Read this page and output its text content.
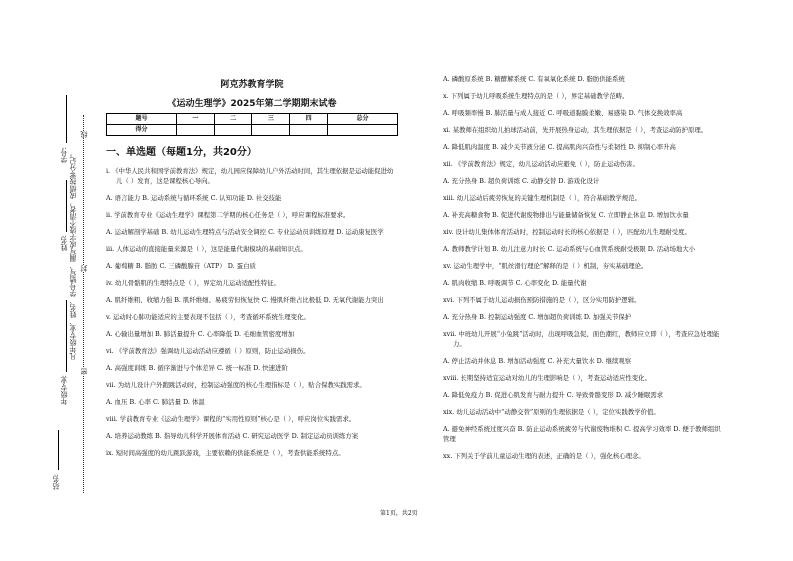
站名:
年级专业:
姓名:
学号: 凡年级专业、姓名、学号错写、漏写或字迹不清者，成绩按零分记。
密
封
线
阿克苏教育学院
《运动生理学》2025年第二学期期末试卷
题号	一	二	三	四	总分
得分					
一、单选题（每题1分，共20分）
i. 《中华人民共和国学前教育法》规定，幼儿园应保障幼儿户外活动时间，其生理依据是运动能促进幼儿（ ）发育，这是课程核心导向。
A. 语言能力 B. 运动系统与循环系统 C. 认知功能 D. 社交技能
ii. 学前教育专业《运动生理学》课程第二学期的核心任务是（ ），呼应课程标准要求。
A. 运动解剖学基础 B. 幼儿运动生理特点与活动安全调控 C. 专业运动员训练原理 D. 运动康复医学
iii. 人体运动的直接能量来源是（ ），这是能量代谢模块的基础知识点。
A. 葡萄糖 B. 脂肪 C. 三磷酸腺苷（ATP） D. 蛋白质
iv. 幼儿骨骼肌的生理特点是（ ），界定幼儿运动适配性特征。
A. 肌纤维粗、收缩力强 B. 肌纤维细、易疲劳但恢复快 C. 慢肌纤维占比极低 D. 无氧代谢能力突出
v. 运动时心肺功能适应的主要表现不包括（ ），考查循环系统生理变化。
A. 心输出量增加 B. 肺活量提升 C. 心率降低 D. 毛细血管密度增加
vi. 《学前教育法》强调幼儿运动活动应遵循（ ）原则，防止运动损伤。
A. 高强度训练 B. 循序渐进与个体差异 C. 统一标准 D. 快速进阶
vii. 为幼儿设计户外跑跳活动时，控制运动强度的核心生理指标是（ ），贴合保教实践需求。
A. 血压 B. 心率 C. 肺活量 D. 体温
viii. 学前教育专业《运动生理学》课程的“实用性原则”核心是（ ），呼应岗位实践需求。
A. 培养运动教练 B. 指导幼儿科学开展体育活动 C. 研究运动医学 D. 制定运动员训练方案
ix. 短时间高强度的幼儿跳跃游戏，主要依赖的供能系统是（ ），考查供能系统特点。
A. 磷酸原系统 B. 糖酵解系统 C. 有氧氧化系统 D. 脂肪供能系统
x. 下列属于幼儿呼吸系统生理特点的是（ ），界定基础教学范畴。
A. 呼吸频率慢 B. 肺活量与成人接近 C. 呼吸道黏膜柔嫩、易感染 D. 气体交换效率高
xi. 某教师在组织幼儿拍球活动前，先开展热身运动，其生理依据是（ ），考查运动防护原理。
A. 降低肌肉温度 B. 减少关节液分泌 C. 提高肌肉兴奋性与柔韧性 D. 抑制心率升高
xii. 《学前教育法》规定，幼儿运动活动应避免（ ），防止运动伤害。
A. 充分热身 B. 超负荷训练 C. 动静交替 D. 游戏化设计
xiii. 幼儿运动后疲劳恢复的关键生理机制是（ ），符合基础教学规范。
A. 补充高糖食物 B. 促进代谢废物排出与能量储备恢复 C. 立即静止休息 D. 增加饮水量
xiv. 设计幼儿集体体育活动时，控制运动时长的核心依据是（ ），匹配幼儿生理耐受度。
A. 教师教学计划 B. 幼儿注意力时长 C. 运动系统与心血管系统耐受极限 D. 活动场地大小
xv. 运动生理学中，“肌丝滑行理论”解释的是（ ）机制，夯实基础理论。
A. 肌肉收缩 B. 呼吸调节 C. 心率变化 D. 能量代谢
xvi. 下列不属于幼儿运动损伤预防措施的是（ ），区分实用防护逻辑。
A. 充分热身 B. 控制运动强度 C. 增加超负荷训练 D. 加强关节保护
xvii. 中班幼儿开展“小兔跳”活动时，出现呼吸急促、面色潮红，教师应立即（ ），考查应急处理能力。
A. 停止活动并休息 B. 增加活动强度 C. 补充大量饮水 D. 继续观察
xviii. 长期坚持适宜运动对幼儿的生理影响是（ ），考查运动适应性变化。
A. 降低免疫力 B. 促进心肌发育与耐力提升 C. 导致骨骼变形 D. 减少睡眠需求
xix. 幼儿运动活动中“动静交替”原则的生理依据是（ ），定位实践教学价值。
A. 避免神经系统过度兴奋 B. 防止运动系统疲劳与代谢废物堆积 C. 提高学习效率 D. 便于教师组织管理
xx. 下列关于学前儿童运动生理的表述，正确的是（ ），强化核心理念。
第1页，共2页
